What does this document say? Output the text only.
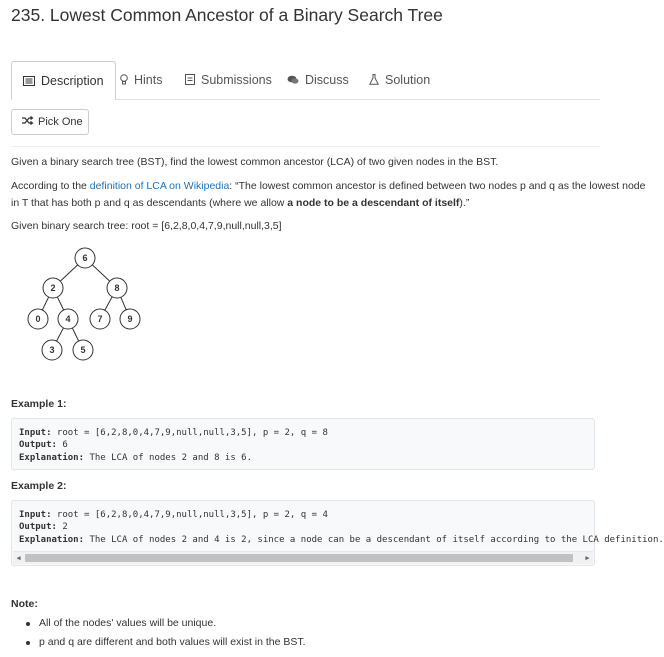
235. Lowest Common Ancestor of a Binary Search Tree
Description	Hints	Submissions	Discuss	Solution
Pick One

Given a binary search tree (BST), find the lowest common ancestor (LCA) of two given nodes in the BST.

According to the definition of LCA on Wikipedia: “The lowest common ancestor is defined between two nodes p and q as the lowest node

in T that has both p and q as descendants (where we allow a node to be a descendant of itself).”

Given binary search tree: root = [6,2,8,0,4,7,9,null,null,3,5]

6
2	8
0	4	7	9
3	5
Example 1:
Input: root = [6,2,8,0,4,7,9,null,null,3,5], p = 2, q = 8
Output: 6
Explanation: The LCA of nodes 2 and 8 is 6.
Example 2:
Input: root = [6,2,8,0,4,7,9,null,null,3,5], p = 2, q = 4
Output: 2
Explanation: The LCA of nodes 2 and 4 is 2, since a node can be a descendant of itself according to the LCA definition.
◀	▶
Note:
All of the nodes' values will be unique.
p and q are different and both values will exist in the BST.
